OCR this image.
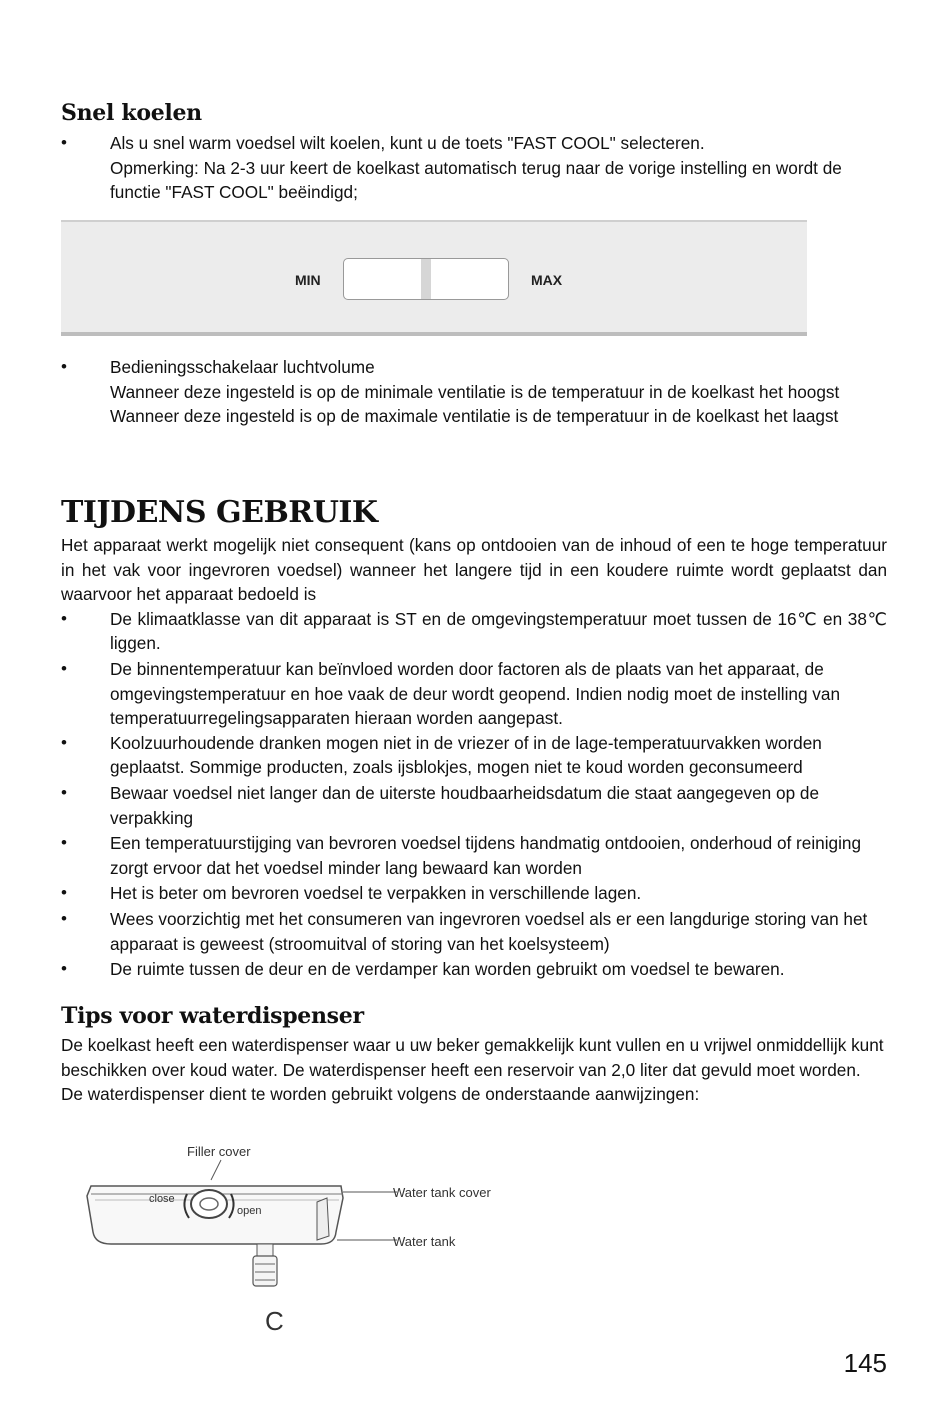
Snel koelen
• Als u snel warm voedsel wilt koelen, kunt u de toets "FAST COOL" selecteren.
Opmerking: Na 2-3 uur keert de koelkast automatisch terug naar de vorige instelling en wordt de functie "FAST COOL" beëindigd;
MIN	MAX
• Bedieningsschakelaar luchtvolume
Wanneer deze ingesteld is op de minimale ventilatie is de temperatuur in de koelkast het hoogst
Wanneer deze ingesteld is op de maximale ventilatie is de temperatuur in de koelkast het laagst
TIJDENS GEBRUIK
Het apparaat werkt mogelijk niet consequent (kans op ontdooien van de inhoud of een te hoge temperatuur in het vak voor ingevroren voedsel) wanneer het langere tijd in een koudere ruimte wordt geplaatst dan waarvoor het apparaat bedoeld is
• De klimaatklasse van dit apparaat is ST en de omgevingstemperatuur moet tussen de 16℃ en 38℃ liggen.
• De binnentemperatuur kan beïnvloed worden door factoren als de plaats van het apparaat, de omgevingstemperatuur en hoe vaak de deur wordt geopend. Indien nodig moet de instelling van temperatuurregelingsapparaten hieraan worden aangepast.
• Koolzuurhoudende dranken mogen niet in de vriezer of in de lage-temperatuurvakken worden geplaatst. Sommige producten, zoals ijsblokjes, mogen niet te koud worden geconsumeerd
• Bewaar voedsel niet langer dan de uiterste houdbaarheidsdatum die staat aangegeven op de verpakking
• Een temperatuurstijging van bevroren voedsel tijdens handmatig ontdooien, onderhoud of reiniging zorgt ervoor dat het voedsel minder lang bewaard kan worden
• Het is beter om bevroren voedsel te verpakken in verschillende lagen.
• Wees voorzichtig met het consumeren van ingevroren voedsel als er een langdurige storing van het apparaat is geweest (stroomuitval of storing van het koelsysteem)
• De ruimte tussen de deur en de verdamper kan worden gebruikt om voedsel te bewaren.
Tips voor waterdispenser
De koelkast heeft een waterdispenser waar u uw beker gemakkelijk kunt vullen en u vrijwel onmiddellijk kunt beschikken over koud water. De waterdispenser heeft een reservoir van 2,0 liter dat gevuld moet worden. De waterdispenser dient te worden gebruikt volgens de onderstaande aanwijzingen:
Filler cover
close
open
Water tank cover
Water tank
C
145
